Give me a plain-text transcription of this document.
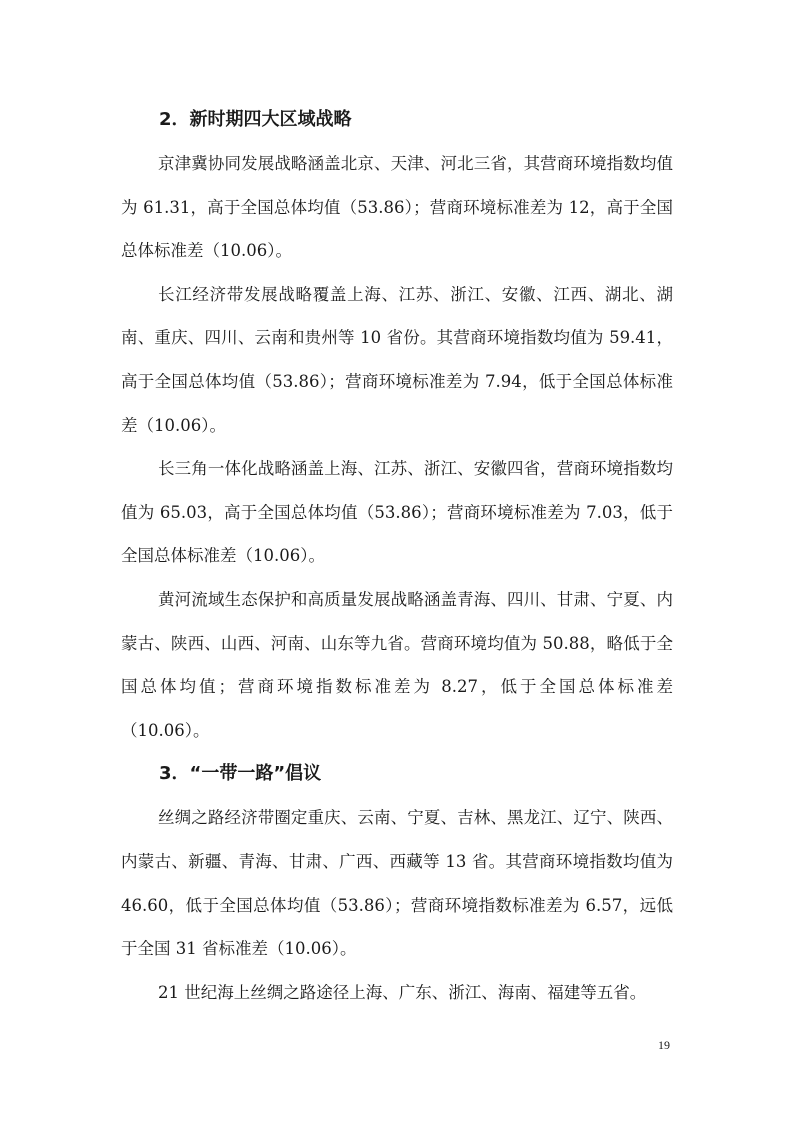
2．新时期四大区域战略

京津冀协同发展战略涵盖北京、天津、河北三省，其营商环境指数均值为 61.31，高于全国总体均值（53.86）；营商环境标准差为 12，高于全国总体标准差（10.06）。

长江经济带发展战略覆盖上海、江苏、浙江、安徽、江西、湖北、湖南、重庆、四川、云南和贵州等 10 省份。其营商环境指数均值为 59.41，高于全国总体均值（53.86）；营商环境标准差为 7.94，低于全国总体标准差（10.06）。

长三角一体化战略涵盖上海、江苏、浙江、安徽四省，营商环境指数均值为 65.03，高于全国总体均值（53.86）；营商环境标准差为 7.03，低于全国总体标准差（10.06）。

黄河流域生态保护和高质量发展战略涵盖青海、四川、甘肃、宁夏、内蒙古、陕西、山西、河南、山东等九省。营商环境均值为 50.88，略低于全国总体均值；营商环境指数标准差为 8.27，低于全国总体标准差（10.06）。

3．“一带一路”倡议

丝绸之路经济带圈定重庆、云南、宁夏、吉林、黑龙江、辽宁、陕西、内蒙古、新疆、青海、甘肃、广西、西藏等 13 省。其营商环境指数均值为 46.60，低于全国总体均值（53.86）；营商环境指数标准差为 6.57，远低于全国 31 省标准差（10.06）。

21 世纪海上丝绸之路途径上海、广东、浙江、海南、福建等五省。

19
